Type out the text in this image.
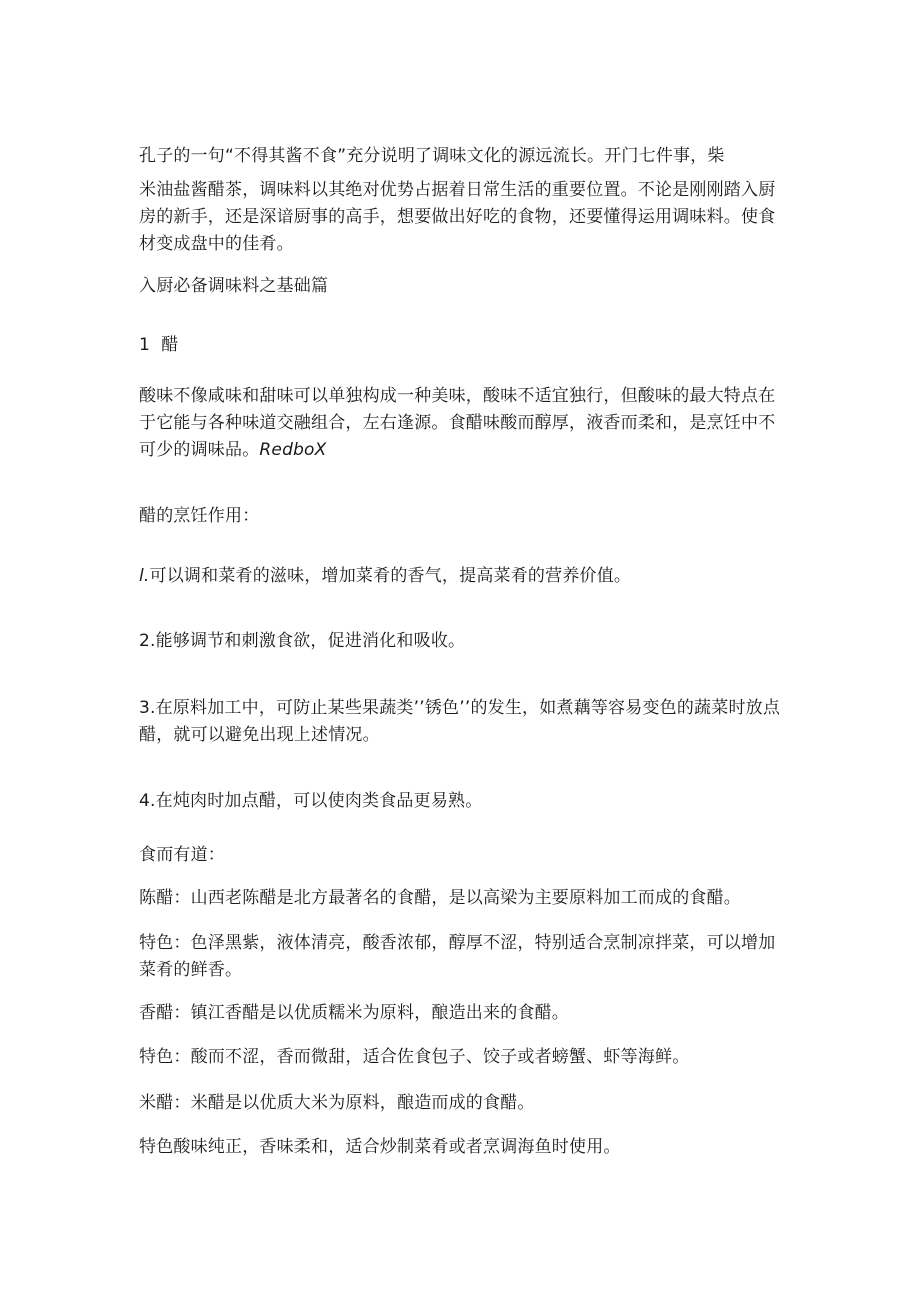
孔子的一句“不得其酱不食”充分说明了调味文化的源远流长。开门七件事，柴

米油盐酱醋茶，调味料以其绝对优势占据着日常生活的重要位置。不论是刚刚踏入厨房的新手，还是深谙厨事的高手，想要做出好吃的食物，还要懂得运用调味料。使食材变成盘中的佳肴。

入厨必备调味料之基础篇

1 醋

酸味不像咸味和甜味可以单独构成一种美味，酸味不适宜独行，但酸味的最大特点在于它能与各种味道交融组合，左右逢源。食醋味酸而醇厚，液香而柔和，是烹饪中不可少的调味品。RedboX

醋的烹饪作用：

l.可以调和菜肴的滋味，增加菜肴的香气，提高菜肴的营养价值。

2.能够调节和刺激食欲，促进消化和吸收。

3.在原料加工中，可防止某些果蔬类’’锈色’’的发生，如煮藕等容易变色的蔬菜时放点醋，就可以避免出现上述情况。

4.在炖肉时加点醋，可以使肉类食品更易熟。

食而有道：

陈醋：山西老陈醋是北方最著名的食醋，是以高梁为主要原料加工而成的食醋。

特色：色泽黑紫，液体清亮，酸香浓郁，醇厚不涩，特别适合烹制凉拌菜，可以增加菜肴的鲜香。

香醋：镇江香醋是以优质糯米为原料，酿造出来的食醋。

特色：酸而不涩，香而微甜，适合佐食包子、饺子或者螃蟹、虾等海鲜。

米醋：米醋是以优质大米为原料，酿造而成的食醋。

特色酸味纯正，香味柔和，适合炒制菜肴或者烹调海鱼时使用。
